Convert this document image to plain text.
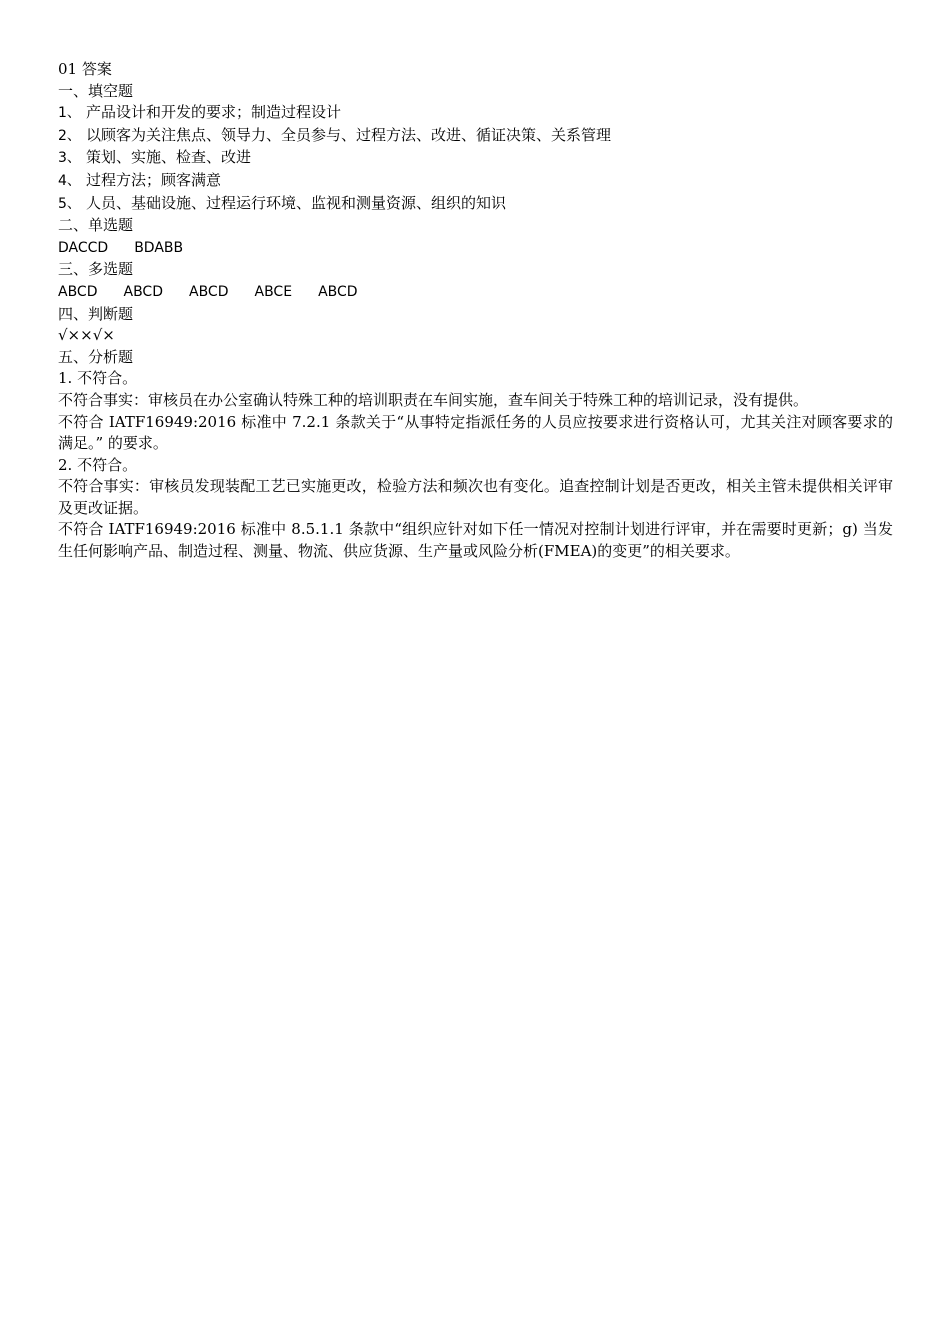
01 答案

一、填空题

1、 产品设计和开发的要求；制造过程设计

2、 以顾客为关注焦点、领导力、全员参与、过程方法、改进、循证决策、关系管理

3、 策划、实施、检查、改进

4、 过程方法；顾客满意

5、 人员、基础设施、过程运行环境、监视和测量资源、组织的知识

二、单选题

DACCD BDABB

三、多选题

ABCD ABCD ABCD ABCE ABCD

四、判断题

√××√×

五、分析题

1. 不符合。

不符合事实：审核员在办公室确认特殊工种的培训职责在车间实施，查车间关于特殊工种的培训记录，没有提供。

不符合 IATF16949:2016 标准中 7.2.1 条款关于“从事特定指派任务的人员应按要求进行资格认可，尤其关注对顾客要求的满足。” 的要求。

2. 不符合。

不符合事实：审核员发现装配工艺已实施更改，检验方法和频次也有变化。追查控制计划是否更改，相关主管未提供相关评审及更改证据。

不符合 IATF16949:2016 标准中 8.5.1.1 条款中“组织应针对如下任一情况对控制计划进行评审，并在需要时更新；g) 当发生任何影响产品、制造过程、测量、物流、供应货源、生产量或风险分析(FMEA)的变更”的相关要求。
